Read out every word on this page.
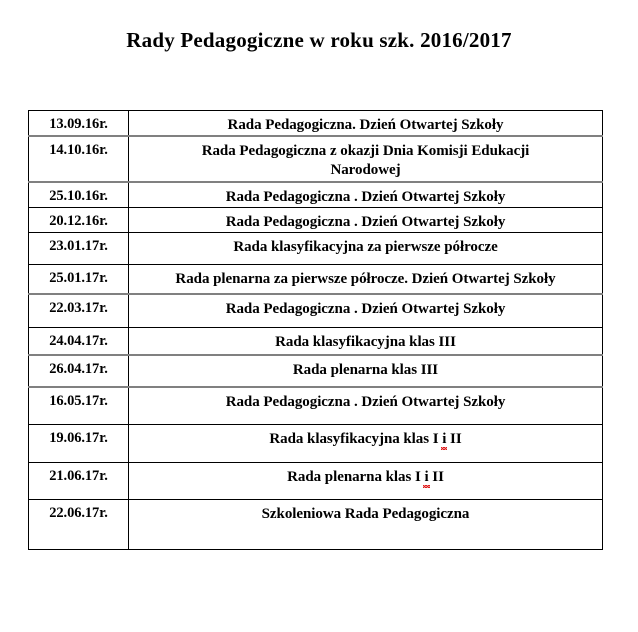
Rady Pedagogiczne w roku szk. 2016/2017
13.09.16r.	Rada Pedagogiczna. Dzień Otwartej Szkoły

14.10.16r.	Rada Pedagogiczna z okazji Dnia Komisji Edukacji
Narodowej

25.10.16r.	Rada Pedagogiczna . Dzień Otwartej Szkoły

20.12.16r.	Rada Pedagogiczna . Dzień Otwartej Szkoły

23.01.17r.	Rada klasyfikacyjna za pierwsze półrocze

25.01.17r.	Rada plenarna za pierwsze półrocze. Dzień Otwartej Szkoły

22.03.17r.	Rada Pedagogiczna . Dzień Otwartej Szkoły

24.04.17r.	Rada klasyfikacyjna klas III

26.04.17r.	Rada plenarna klas III

16.05.17r.	Rada Pedagogiczna . Dzień Otwartej Szkoły

19.06.17r.	Rada klasyfikacyjna klas I i II

21.06.17r.	Rada plenarna klas I i II

22.06.17r.	Szkoleniowa Rada Pedagogiczna
